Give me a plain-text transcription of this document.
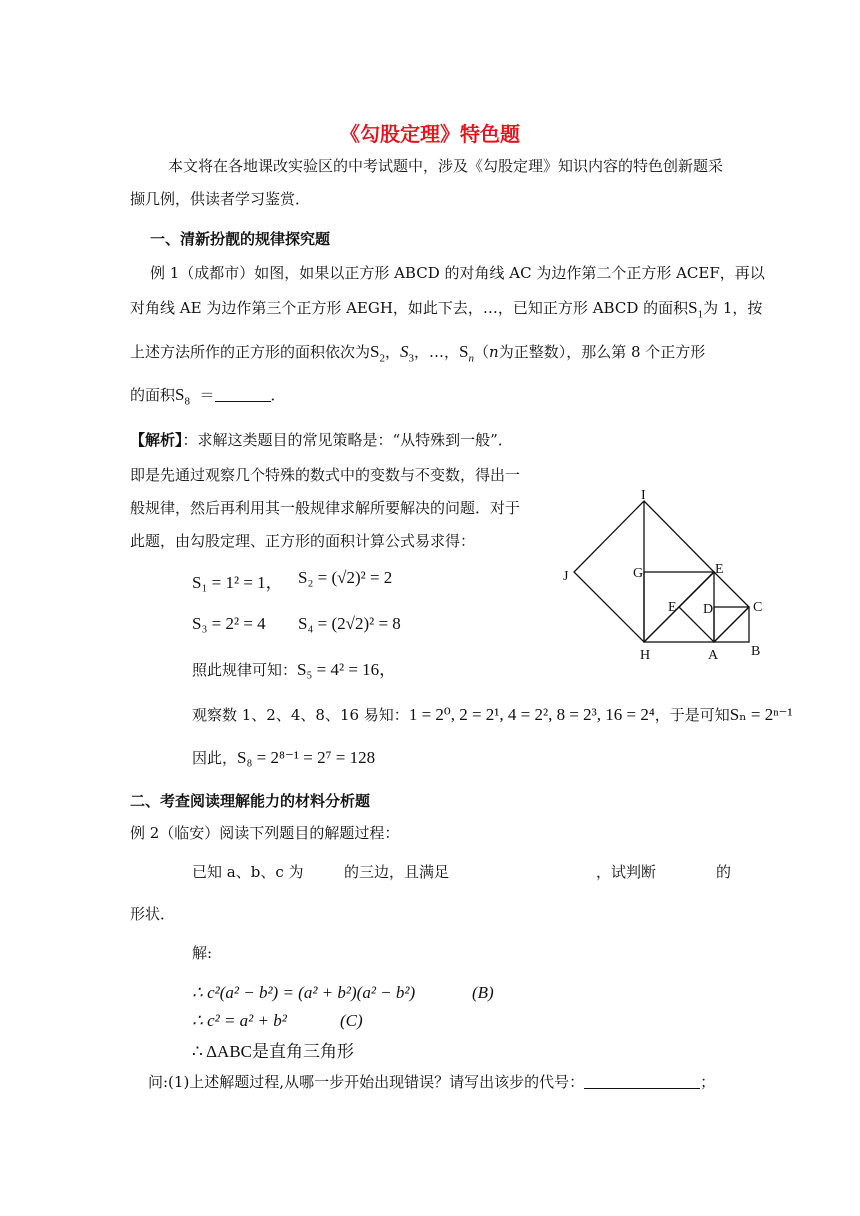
《勾股定理》特色题
本文将在各地课改实验区的中考试题中，涉及《勾股定理》知识内容的特色创新题采
撷几例，供读者学习鉴赏．
一、清新扮靓的规律探究题
例 1（成都市）如图，如果以正方形 ABCD 的对角线 AC 为边作第二个正方形 ACEF，再以
对角线 AE 为边作第三个正方形 AEGH，如此下去，…，已知正方形 ABCD 的面积$S_1$为 1，按
上述方法所作的正方形的面积依次为$S_2$，$S_3$，…，$S_n(n$为正整数），那么第 8 个正方形
的面积$S_8$ ＝	．
【解析】：求解这类题目的常见策略是：“从特殊到一般”．
即是先通过观察几个特殊的数式中的变数与不变数，得出一
般规律，然后再利用其一般规律求解所要解决的问题．对于
此题，由勾股定理、正方形的面积计算公式易求得：
S₁ = 1² = 1， S₂ = (√2)² = 2
S₃ = 2² = 4 S₄ = (2√2)² = 8
照此规律可知：S₅ = 4² = 16，
观察数 1、2、4、8、16 易知：1 = 2⁰, 2 = 2¹, 4 = 2², 8 = 2³, 16 = 2⁴，于是可知Sₙ = 2ⁿ⁻¹
因此，S₈ = 2⁸⁻¹ = 2⁷ = 128
I
J	G	E
E D	C
H	A B
二、考查阅读理解能力的材料分析题
例 2（临安）阅读下列题目的解题过程：
已知 a、b、c 为	的三边，且满足	，试判断	的
形状．
解:
∴ c²(a² − b²) = (a² + b²)(a² − b²)	(B)
∴ c² = a² + b²	(C)
∴ ΔABC是直角三角形
问:(1)上述解题过程,从哪一步开始出现错误？请写出该步的代号：	；
